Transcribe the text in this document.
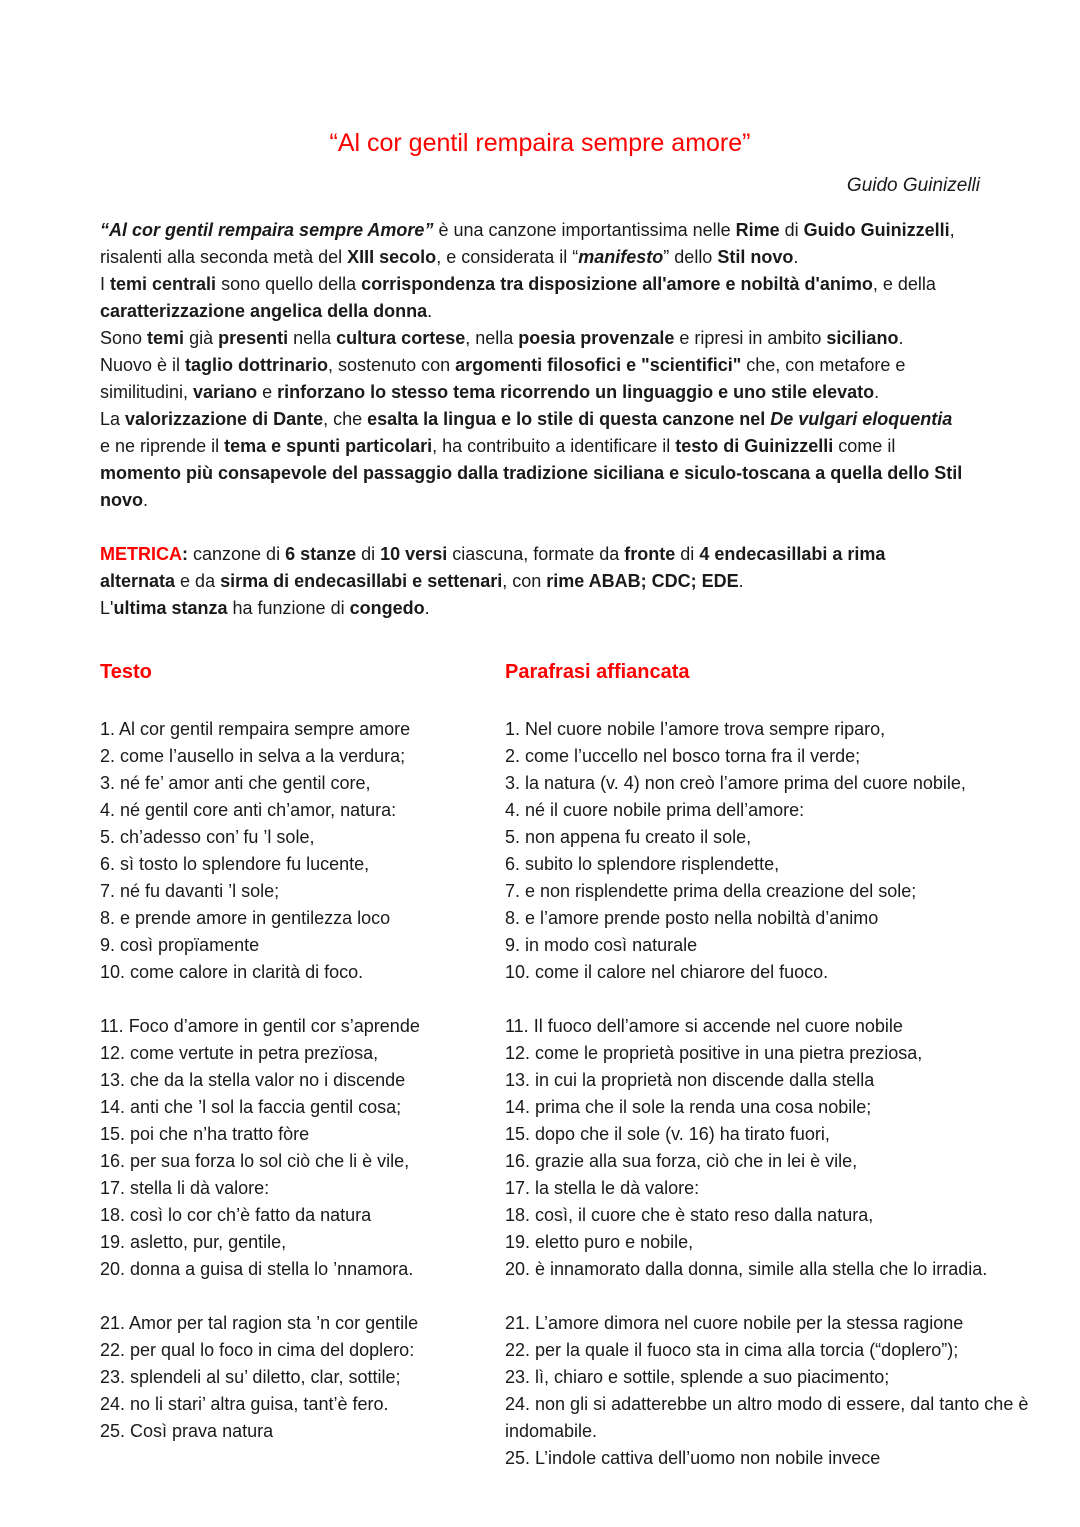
“Al cor gentil rempaira sempre amore”
Guido Guinizelli
“Al cor gentil rempaira sempre Amore” è una canzone importantissima nelle Rime di Guido Guinizzelli, risalenti alla seconda metà del XIII secolo, e considerata il “manifesto” dello Stil novo.
I temi centrali sono quello della corrispondenza tra disposizione all'amore e nobiltà d'animo, e della caratterizzazione angelica della donna.
Sono temi già presenti nella cultura cortese, nella poesia provenzale e ripresi in ambito siciliano.
Nuovo è il taglio dottrinario, sostenuto con argomenti filosofici e "scientifici" che, con metafore e similitudini, variano e rinforzano lo stesso tema ricorrendo un linguaggio e uno stile elevato.
La valorizzazione di Dante, che esalta la lingua e lo stile di questa canzone nel De vulgari eloquentia e ne riprende il tema e spunti particolari, ha contribuito a identificare il testo di Guinizzelli come il momento più consapevole del passaggio dalla tradizione siciliana e siculo-toscana a quella dello Stil novo.
METRICA: canzone di 6 stanze di 10 versi ciascuna, formate da fronte di 4 endecasillabi a rima alternata e da sirma di endecasillabi e settenari, con rime ABAB; CDC; EDE.
L'ultima stanza ha funzione di congedo.
Testo
1. Al cor gentil rempaira sempre amore
2. come l’ausello in selva a la verdura;
3. né fe’ amor anti che gentil core,
4. né gentil core anti ch’amor, natura:
5. ch’adesso con’ fu ’l sole,
6. sì tosto lo splendore fu lucente,
7. né fu davanti ’l sole;
8. e prende amore in gentilezza loco
9. così propïamente
10. come calore in clarità di foco.
11. Foco d’amore in gentil cor s’aprende
12. come vertute in petra prezïosa,
13. che da la stella valor no i discende
14. anti che ’l sol la faccia gentil cosa;
15. poi che n’ha tratto fòre
16. per sua forza lo sol ciò che li è vile,
17. stella li dà valore:
18. così lo cor ch’è fatto da natura
19. asletto, pur, gentile,
20. donna a guisa di stella lo ’nnamora.
21. Amor per tal ragion sta ’n cor gentile
22. per qual lo foco in cima del doplero:
23. splendeli al su’ diletto, clar, sottile;
24. no li stari’ altra guisa, tant’è fero.
25. Così prava natura
Parafrasi affiancata
1. Nel cuore nobile l’amore trova sempre riparo,
2. come l’uccello nel bosco torna fra il verde;
3. la natura (v. 4) non creò l’amore prima del cuore nobile,
4. né il cuore nobile prima dell’amore:
5. non appena fu creato il sole,
6. subito lo splendore risplendette,
7. e non risplendette prima della creazione del sole;
8. e l’amore prende posto nella nobiltà d’animo
9. in modo così naturale
10. come il calore nel chiarore del fuoco.
11. Il fuoco dell’amore si accende nel cuore nobile
12. come le proprietà positive in una pietra preziosa,
13. in cui la proprietà non discende dalla stella
14. prima che il sole la renda una cosa nobile;
15. dopo che il sole (v. 16) ha tirato fuori,
16. grazie alla sua forza, ciò che in lei è vile,
17. la stella le dà valore:
18. così, il cuore che è stato reso dalla natura,
19. eletto puro e nobile,
20. è innamorato dalla donna, simile alla stella che lo irradia.
21. L’amore dimora nel cuore nobile per la stessa ragione
22. per la quale il fuoco sta in cima alla torcia (“doplero”);
23. lì, chiaro e sottile, splende a suo piacimento;
24. non gli si adatterebbe un altro modo di essere, dal tanto che è indomabile.
25. L’indole cattiva dell’uomo non nobile invece
